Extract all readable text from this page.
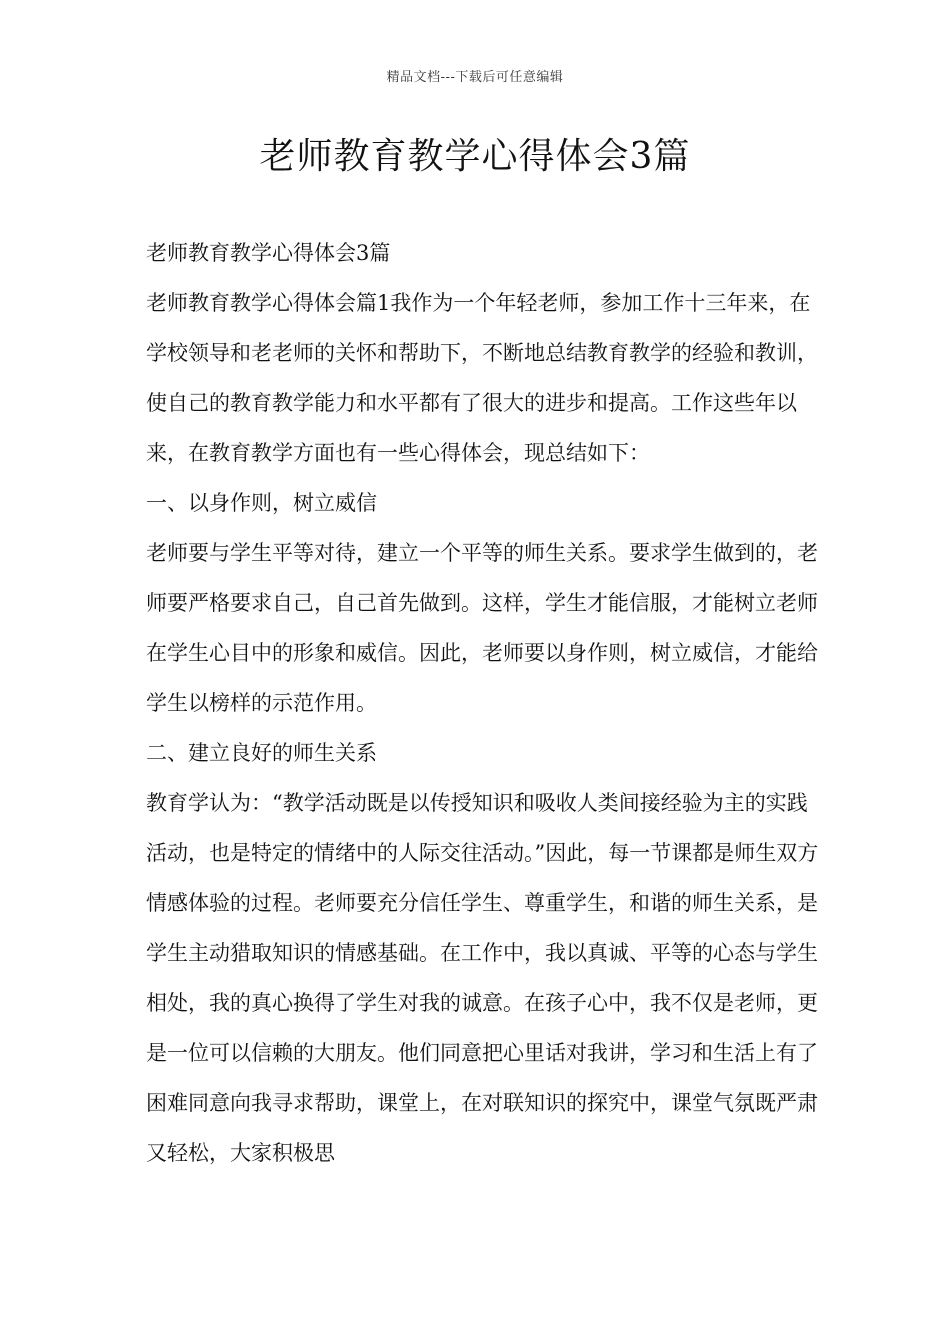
精品文档---下载后可任意编辑
老师教育教学心得体会3篇

老师教育教学心得体会3篇

老师教育教学心得体会篇1我作为一个年轻老师，参加工作十三年来，在学校领导和老老师的关怀和帮助下，不断地总结教育教学的经验和教训，使自己的教育教学能力和水平都有了很大的进步和提高。工作这些年以来，在教育教学方面也有一些心得体会，现总结如下：

一、以身作则，树立威信

老师要与学生平等对待，建立一个平等的师生关系。要求学生做到的，老师要严格要求自己，自己首先做到。这样，学生才能信服，才能树立老师在学生心目中的形象和威信。因此，老师要以身作则，树立威信，才能给学生以榜样的示范作用。

二、建立良好的师生关系

教育学认为：“教学活动既是以传授知识和吸收人类间接经验为主的实践活动，也是特定的情绪中的人际交往活动。”因此，每一节课都是师生双方情感体验的过程。老师要充分信任学生、尊重学生，和谐的师生关系，是学生主动猎取知识的情感基础。在工作中，我以真诚、平等的心态与学生相处，我的真心换得了学生对我的诚意。在孩子心中，我不仅是老师，更是一位可以信赖的大朋友。他们同意把心里话对我讲，学习和生活上有了困难同意向我寻求帮助，课堂上，在对联知识的探究中，课堂气氛既严肃又轻松，大家积极思
